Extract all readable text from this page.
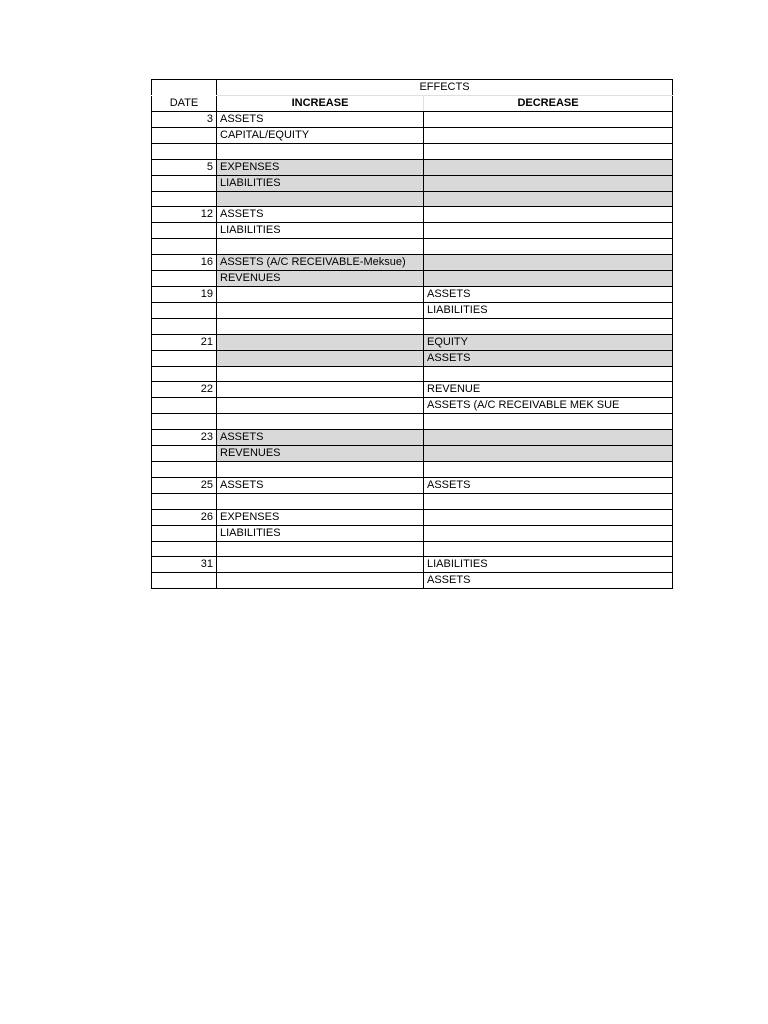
	EFFECTS	
DATE	INCREASE	DECREASE
3	ASSETS	
	CAPITAL/EQUITY	

5	EXPENSES	
	LIABILITIES	

12	ASSETS	
	LIABILITIES	

16	ASSETS (A/C RECEIVABLE-Meksue)	
	REVENUES	
19		ASSETS
		LIABILITIES

21		EQUITY
		ASSETS

22		REVENUE
		ASSETS (A/C RECEIVABLE MEK SUE

23	ASSETS	
	REVENUES	

25	ASSETS	ASSETS

26	EXPENSES	
	LIABILITIES	

31		LIABILITIES
		ASSETS
